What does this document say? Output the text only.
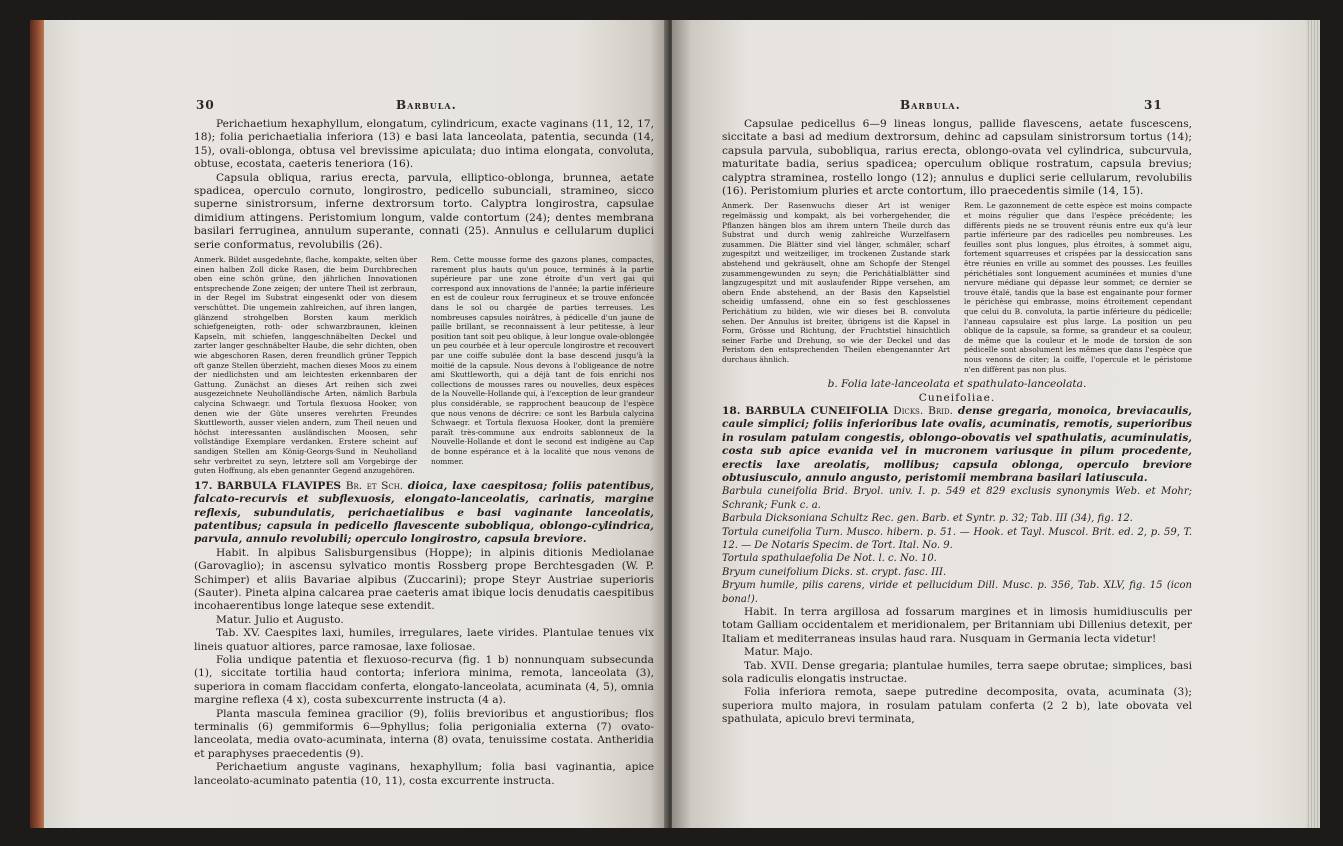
30	Barbula.

Perichaetium hexaphyllum, elongatum, cylindricum, exacte vaginans (11, 12, 17, 18); folia perichaetialia inferiora (13) e basi lata lanceolata, patentia, secunda (14, 15), ovali-oblonga, obtusa vel brevissime apiculata; duo intima elongata, convoluta, obtuse, ecostata, caeteris teneriora (16).

Capsula obliqua, rarius erecta, parvula, elliptico-oblonga, brunnea, aetate spadicea, operculo cornuto, longirostro, pedicello subunciali, stramineo, sicco superne sinistrorsum, inferne dextrorsum torto. Calyptra longirostra, capsulae dimidium attingens. Peristomium longum, valde contortum (24); dentes membrana basilari ferruginea, annulum superante, connati (25). Annulus e cellularum duplici serie conformatus, revolubilis (26).

Anmerk. Bildet ausgedehnte, flache, kompakte, selten über einen halben Zoll dicke Rasen, die beim Durchbrechen oben eine schön grüne, den jährlichen Innovationen entsprechende Zone zeigen; der untere Theil ist zerbraun, in der Regel im Substrat eingesenkt oder von diesem verschüttet. Die ungemein zahlreichen, auf ihren langen, glänzend strohgelben Borsten kaum merklich schiefgeneigten, roth- oder schwarzbraunen, kleinen Kapseln, mit schiefen, langgeschnäbelten Deckel und zarter langer geschnäbelter Haube, die sehr dichten, oben wie abgeschoren Rasen, deren freundlich grüner Teppich oft ganze Stellen überzieht, machen dieses Moos zu einem der niedlichsten und am leichtesten erkennbaren der Gattung. Zunächst an dieses Art reihen sich zwei ausgezeichnete Neuholländische Arten, nämlich Barbula calycina Schwaegr. und Tortula flexuosa Hooker, von denen wie der Güte unseres verehrten Freundes Skuttleworth, ausser vielen andern, zum Theil neuen und höchst interessanten ausländischen Moosen, sehr vollständige Exemplare verdanken. Erstere scheint auf sandigen Stellen am König-Georgs-Sund in Neuholland sehr verbreitet zu seyn, letztere soll am Vorgebirge der guten Hoffnung, als eben genannter Gegend anzugehören.
Rem. Cette mousse forme des gazons planes, compactes, rarement plus hauts qu'un pouce, terminés à la partie supérieure par une zone étroite d'un vert gai qui correspond aux innovations de l'année; la partie inférieure en est de couleur roux ferrugineux et se trouve enfoncée dans le sol ou chargée de parties terreuses. Les nombreuses capsules noirâtres, à pédicelle d'un jaune de paille brillant, se reconnaissent à leur petitesse, à leur position tant soit peu oblique, à leur longue ovale-oblongée un peu courbée et à leur opercule longirostre et recouvert par une coiffe subulée dont la base descend jusqu'à la moitié de la capsule. Nous devons à l'obligeance de notre ami Skuttleworth, qui a déjà tant de fois enrichi nos collections de mousses rares ou nouvelles, deux espèces de la Nouvelle-Hollande qui, à l'exception de leur grandeur plus considérable, se rapprochent beaucoup de l'espèce que nous venons de décrire: ce sont les Barbula calycina Schwaegr. et Tortula flexuosa Hooker, dont la première paraît très-commune aux endroits sablonneux de la Nouvelle-Hollande et dont le second est indigène au Cap de bonne espérance et à la localité que nous venons de nommer.

17. BARBULA FLAVIPES Br. et Sch. dioica, laxe caespitosa; foliis patentibus, falcato-recurvis et subflexuosis, elongato-lanceolatis, carinatis, margine reflexis, subundulatis, perichaetialibus e basi vaginante lanceolatis, patentibus; capsula in pedicello flavescente subobliqua, oblongo-cylindrica, parvula, annulo revolubili; operculo longirostro, capsula breviore.

Habit. In alpibus Salisburgensibus (Hoppe); in alpinis ditionis Mediolanae (Garovaglio); in ascensu sylvatico montis Rossberg prope Berchtesgaden (W. P. Schimper) et aliis Bavariae alpibus (Zuccarini); prope Steyr Austriae superioris (Sauter). Pineta alpina calcarea prae caeteris amat ibique locis denudatis caespitibus incohaerentibus longe lateque sese extendit.

Matur. Julio et Augusto.

Tab. XV. Caespites laxi, humiles, irregulares, laete virides. Plantulae tenues vix lineis quatuor altiores, parce ramosae, laxe foliosae.

Folia undique patentia et flexuoso-recurva (fig. 1 b) nonnunquam subsecunda (1), siccitate tortilia haud contorta; inferiora minima, remota, lanceolata (3), superiora in comam flaccidam conferta, elongato-lanceolata, acuminata (4, 5), omnia margine reflexa (4 x), costa subexcurrente instructa (4 a).

Planta mascula feminea gracilior (9), foliis brevioribus et angustioribus; flos terminalis (6) gemmiformis 6—9phyllus; folia perigonialia externa (7) ovato-lanceolata, media ovato-acuminata, interna (8) ovata, tenuissime costata. Antheridia et paraphyses praecedentis (9).

Perichaetium anguste vaginans, hexaphyllum; folia basi vaginantia, apice lanceolato-acuminato patentia (10, 11), costa excurrente instructa.

Barbula.	31

Capsulae pedicellus 6—9 lineas longus, pallide flavescens, aetate fuscescens, siccitate a basi ad medium dextrorsum, dehinc ad capsulam sinistrorsum tortus (14); capsula parvula, subobliqua, rarius erecta, oblongo-ovata vel cylindrica, subcurvula, maturitate badia, serius spadicea; operculum oblique rostratum, capsula brevius; calyptra straminea, rostello longo (12); annulus e duplici serie cellularum, revolubilis (16). Peristomium pluries et arcte contortum, illo praecedentis simile (14, 15).

Anmerk. Der Rasenwuchs dieser Art ist weniger regelmässig und kompakt, als bei vorhergehender, die Pflanzen hängen blos am ihrem untern Theile durch das Substrat und durch wenig zahlreiche Wurzelfasern zusammen. Die Blätter sind viel länger, schmäler, scharf zugespitzt und weitzeiliger, im trockenen Zustande stark abstehend und gekräuselt, ohne am Schopfe der Stengel zusammengewunden zu seyn; die Perichätialblätter sind langzugespitzt und mit auslaufender Rippe versehen, am obern Ende abstehend, an der Basis den Kapselstiel scheidig umfassend, ohne ein so fest geschlossenes Perichätium zu bilden, wie wir dieses bei B. convoluta sehen. Der Annulus ist breiter, übrigens ist die Kapsel in Form, Grösse und Richtung, der Fruchtstiel hinsichtlich seiner Farbe und Drehung, so wie der Deckel und das Peristom den entsprechenden Theilen ebengenannter Art durchaus ähnlich.
Rem. Le gazonnement de cette espèce est moins compacte et moins régulier que dans l'espèce précédente; les différents pieds ne se trouvent réunis entre eux qu'à leur partie inférieure par des radicelles peu nombreuses. Les feuilles sont plus longues, plus étroites, à sommet aigu, fortement squarreuses et crispées par la dessiccation sans être réunies en vrille au sommet des pousses. Les feuilles périchétiales sont longuement acuminées et munies d'une nervure médiane qui dépasse leur sommet; ce dernier se trouve étalé, tandis que la base est engainante pour former le périchèse qui embrasse, moins étroitement cependant que celui du B. convoluta, la partie inférieure du pédicelle; l'anneau capsulaire est plus large. La position un peu oblique de la capsule, sa forme, sa grandeur et sa couleur, de même que la couleur et le mode de torsion de son pédicelle sont absolument les mêmes que dans l'espèce que nous venons de citer; la coiffe, l'opercule et le péristome n'en diffèrent pas non plus.

b. Folia late-lanceolata et spathulato-lanceolata.

Cuneifoliae.

18. BARBULA CUNEIFOLIA Dicks. Brid. dense gregaria, monoica, breviacaulis, caule simplici; foliis inferioribus late ovalis, acuminatis, remotis, superioribus in rosulam patulam congestis, oblongo-obovatis vel spathulatis, acuminulatis, costa sub apice evanida vel in mucronem variusque in pilum procedente, erectis laxe areolatis, mollibus; capsula oblonga, operculo breviore obtusiusculo, annulo angusto, peristomii membrana basilari latiuscula.

Barbula cuneifolia Brid. Bryol. univ. I. p. 549 et 829 exclusis synonymis Web. et Mohr; Schrank; Funk c. a.

Barbula Dicksoniana Schultz Rec. gen. Barb. et Syntr. p. 32; Tab. III (34), fig. 12.

Tortula cuneifolia Turn. Musco. hibern. p. 51. — Hook. et Tayl. Muscol. Brit. ed. 2, p. 59, T. 12. — De Notaris Specim. de Tort. Ital. No. 9.

Tortula spathulaefolia De Not. l. c. No. 10.

Bryum cuneifolium Dicks. st. crypt. fasc. III.

Bryum humile, pilis carens, viride et pellucidum Dill. Musc. p. 356, Tab. XLV, fig. 15 (icon bona!).

Habit. In terra argillosa ad fossarum margines et in limosis humidiusculis per totam Galliam occidentalem et meridionalem, per Britanniam ubi Dillenius detexit, per Italiam et mediterraneas insulas haud rara. Nusquam in Germania lecta videtur!

Matur. Majo.

Tab. XVII. Dense gregaria; plantulae humiles, terra saepe obrutae; simplices, basi sola radiculis elongatis instructae.

Folia inferiora remota, saepe putredine decomposita, ovata, acuminata (3); superiora multo majora, in rosulam patulam conferta (2 2 b), late obovata vel spathulata, apiculo brevi terminata,
